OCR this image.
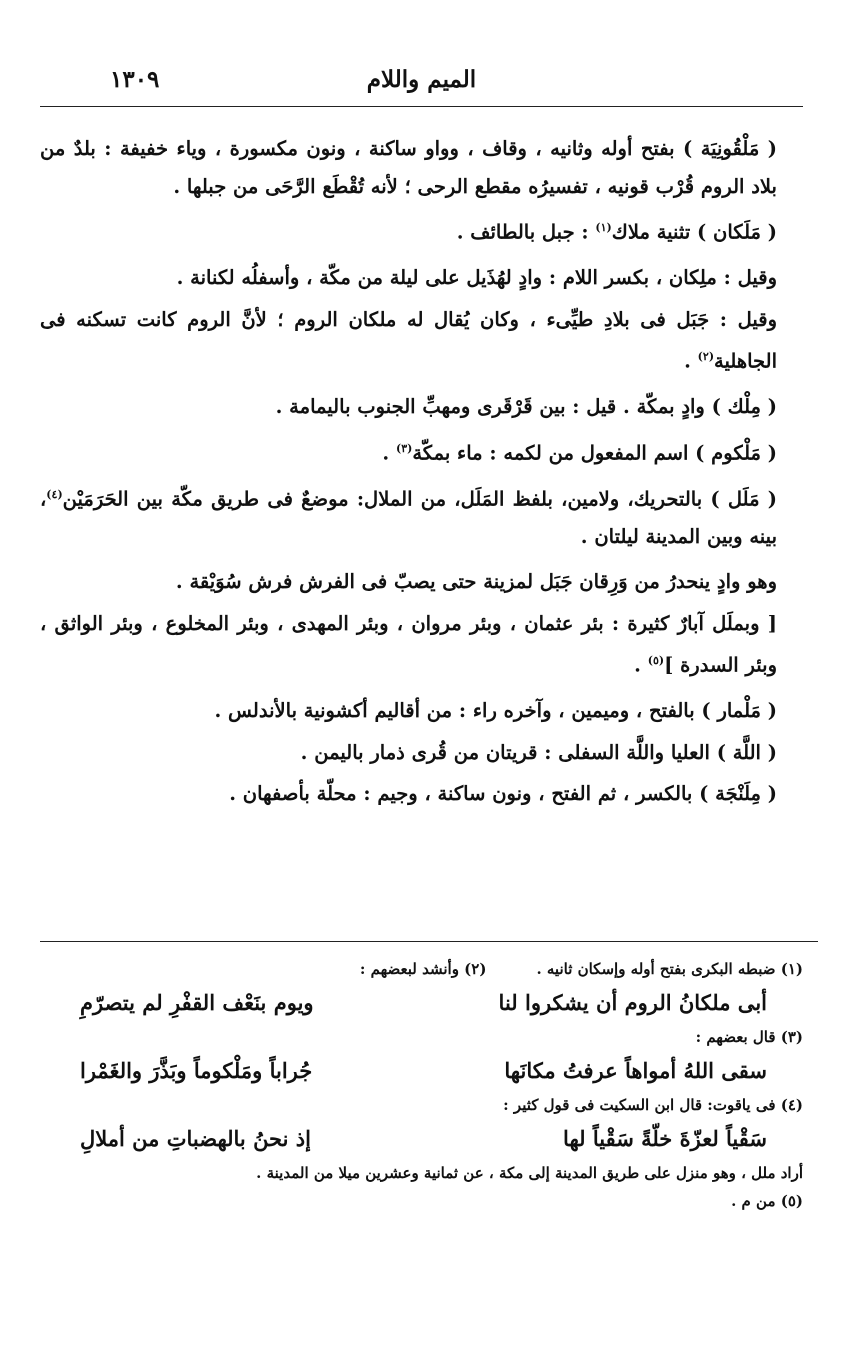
الميم واللام
١٣٠٩

( مَلْقُونِيَة ) بفتح أوله وثانيه ، وقاف ، وواو ساكنة ، ونون مكسورة ، وياء خفيفة : بلدٌ من بلاد الروم قُرْب قونيه ، تفسيرُه مقطع الرحى ؛ لأنه تُقْطَع الرَّحَى من جبلها .

( مَلَكان ) تثنية ملاك$^{(١)}$ : جبل بالطائف .

وقيل : ملِكان ، بكسر اللام : وادٍ لهُذَيل على ليلة من مكّة ، وأسفلُه لكنانة .

وقيل : جَبَل فى بلادِ طيِّىء ، وكان يُقال له ملكان الروم ؛ لأنَّ الروم كانت تسكنه فى الجاهلية$^{(٢)}$ .

( مِلْك ) وادٍ بمكّة . قيل : بين قَرْقَرى ومهبِّ الجنوب باليمامة .

( مَلْكوم ) اسم المفعول من لكمه : ماء بمكّة$^{(٣)}$ .

( مَلَل ) بالتحريك، ولامين، بلفظ المَلَل، من الملال: موضعٌ فى طريق مكّة بين الحَرَمَيْن$^{(٤)}$، بينه وبين المدينة ليلتان .

وهو وادٍ ينحدرُ من وَرِقان جَبَل لمزينة حتى يصبّ فى الفرش فرش سُوَيْقة .

[ وبملَل آبارٌ كثيرة : بئر عثمان ، وبئر مروان ، وبئر المهدى ، وبئر المخلوع ، وبئر الواثق ، وبئر السدرة ]$^{(٥)}$ .

( مَلْمار ) بالفتح ، وميمين ، وآخره راء : من أقاليم أكشونية بالأندلس .

( اللَّة ) العليا واللَّة السفلى : قريتان من قُرى ذمار باليمن .

( مِلَنْجَة ) بالكسر ، ثم الفتح ، ونون ساكنة ، وجيم : محلّة بأصفهان .

(١) ضبطه البكرى بفتح أوله وإسكان ثانيه .
(٢) وأنشد لبعضهم :
أبى ملكانُ الروم أن يشكروا لنا
ويوم بنَعْف القفْرِ لم يتصرّمِ

(٣) قال بعضهم :

سقى اللهُ أمواهاً عرفتُ مكانَها
جُراباً ومَلْكوماً وبَذَّرَ والغَمْرا

(٤) فى ياقوت: قال ابن السكيت فى قول كثير :

سَقْياً لعزّةَ خلّةً سَقْياً لها
إذ نحنُ بالهضباتِ من أملالِ

أراد ملل ، وهو منزل على طريق المدينة إلى مكة ، عن ثمانية وعشرين ميلا من المدينة .

(٥) من م .
